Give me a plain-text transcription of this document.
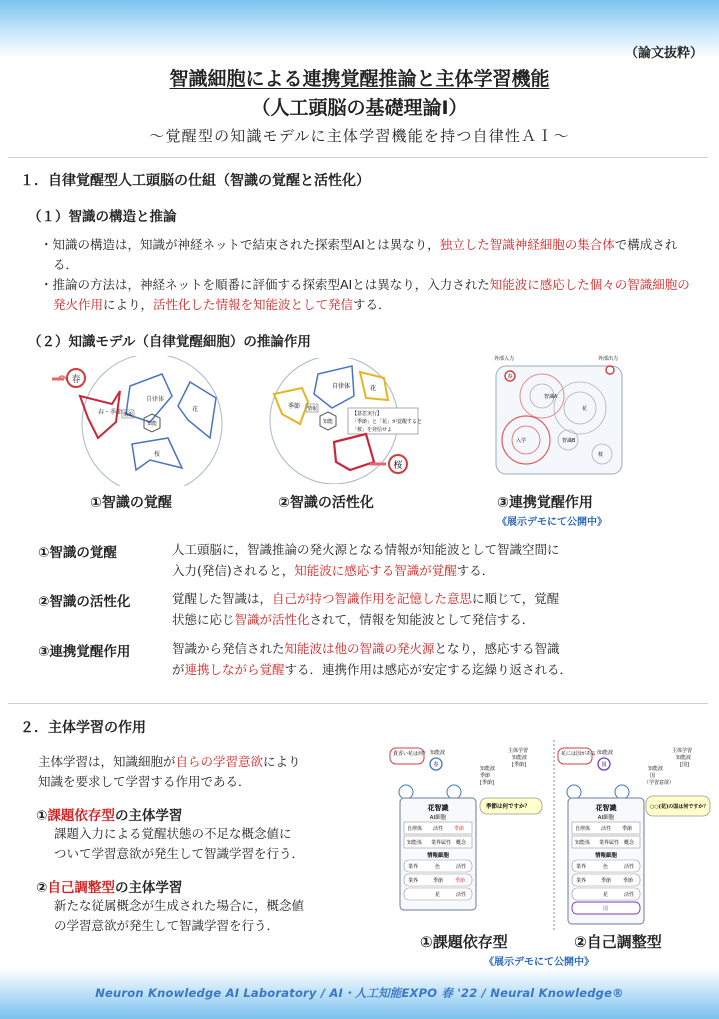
（論文抜粋）
智識細胞による連携覚醒推論と主体学習機能
（人工頭脳の基礎理論Ⅰ）
〜覚醒型の知識モデルに主体学習機能を持つ自律性ＡＩ〜
１．自律覚醒型人工頭脳の仕組（智識の覚醒と活性化）
（１）智識の構造と推論
・知識の構造は，知識が神経ネットで結束された探索型AIとは異なり，独立した智識神経細胞の集合体で構成される．
・推論の方法は，神経ネットを順番に評価する探索型AIとは異なり，入力された知能波に感応した個々の智識細胞の発火作用により，活性化した情報を知能波として発信する．
（２）知識モデル（自律覚醒細胞）の推論作用
春
春・季節
自律体
情報
知能
花
桜
季節
自律体	花
情報
知能
【意思実行】
「季節」と「花」が覚醒すると
「桜」を発信せよ
桜
外部入力	外部出力
春
智識A
花
入学	智識B
桜
①智識の覚醒	②智識の活性化	③連携覚醒作用
《展示デモにて公開中》
①智識の覚醒	人工頭脳に，智識推論の発火源となる情報が知能波として智識空間に
入力(発信)されると，知能波に感応する智識が覚醒する．
②智識の活性化	覚醒した智識は，自己が持つ智識作用を記憶した意思に順じて，覚醒
状態に応じ智識が活性化されて，情報を知能波として発信する．
③連携覚醒作用	智識から発信された知能波は他の智識の発火源となり，感応する智識
が連携しながら覚醒する．連携作用は感応が安定する迄繰り返される．
２．主体学習の作用
主体学習は，知識細胞が自らの学習意欲により
知識を要求して学習する作用である．
①課題依存型の主体学習
課題入力による覚醒状態の不足な概念値に
ついて学習意欲が発生して智識学習を行う．
②自己調整型の主体学習
新たな従属概念が生成された場合に，概念値
の学習意欲が発生して智識学習を行う．
貴香い花は何？ 知能波
春
主体学習
知能波
[季節]
知能波
季節
[季節]
季節は何ですか？
花智識
AI細胞
自律体 活性 季節
知能体 業界属性 概念
情報細胞
業界	色	活性
業界	季節 季節
花	活性
花には国がある！
知能波
国
主体学習
知能波
[国]
知能波
国
（学習意欲）
○○(花)の国は何ですか？
花智識
AI細胞
自律体 活性 季節
知能体 業界属性 概念
情報細胞
業界	色	活性
業界	季節 季節
花	活性
国
①課題依存型	②自己調整型
《展示デモにて公開中》
Neuron Knowledge AI Laboratory / AI・人工知能EXPO 春 '22 / Neural Knowledge®
